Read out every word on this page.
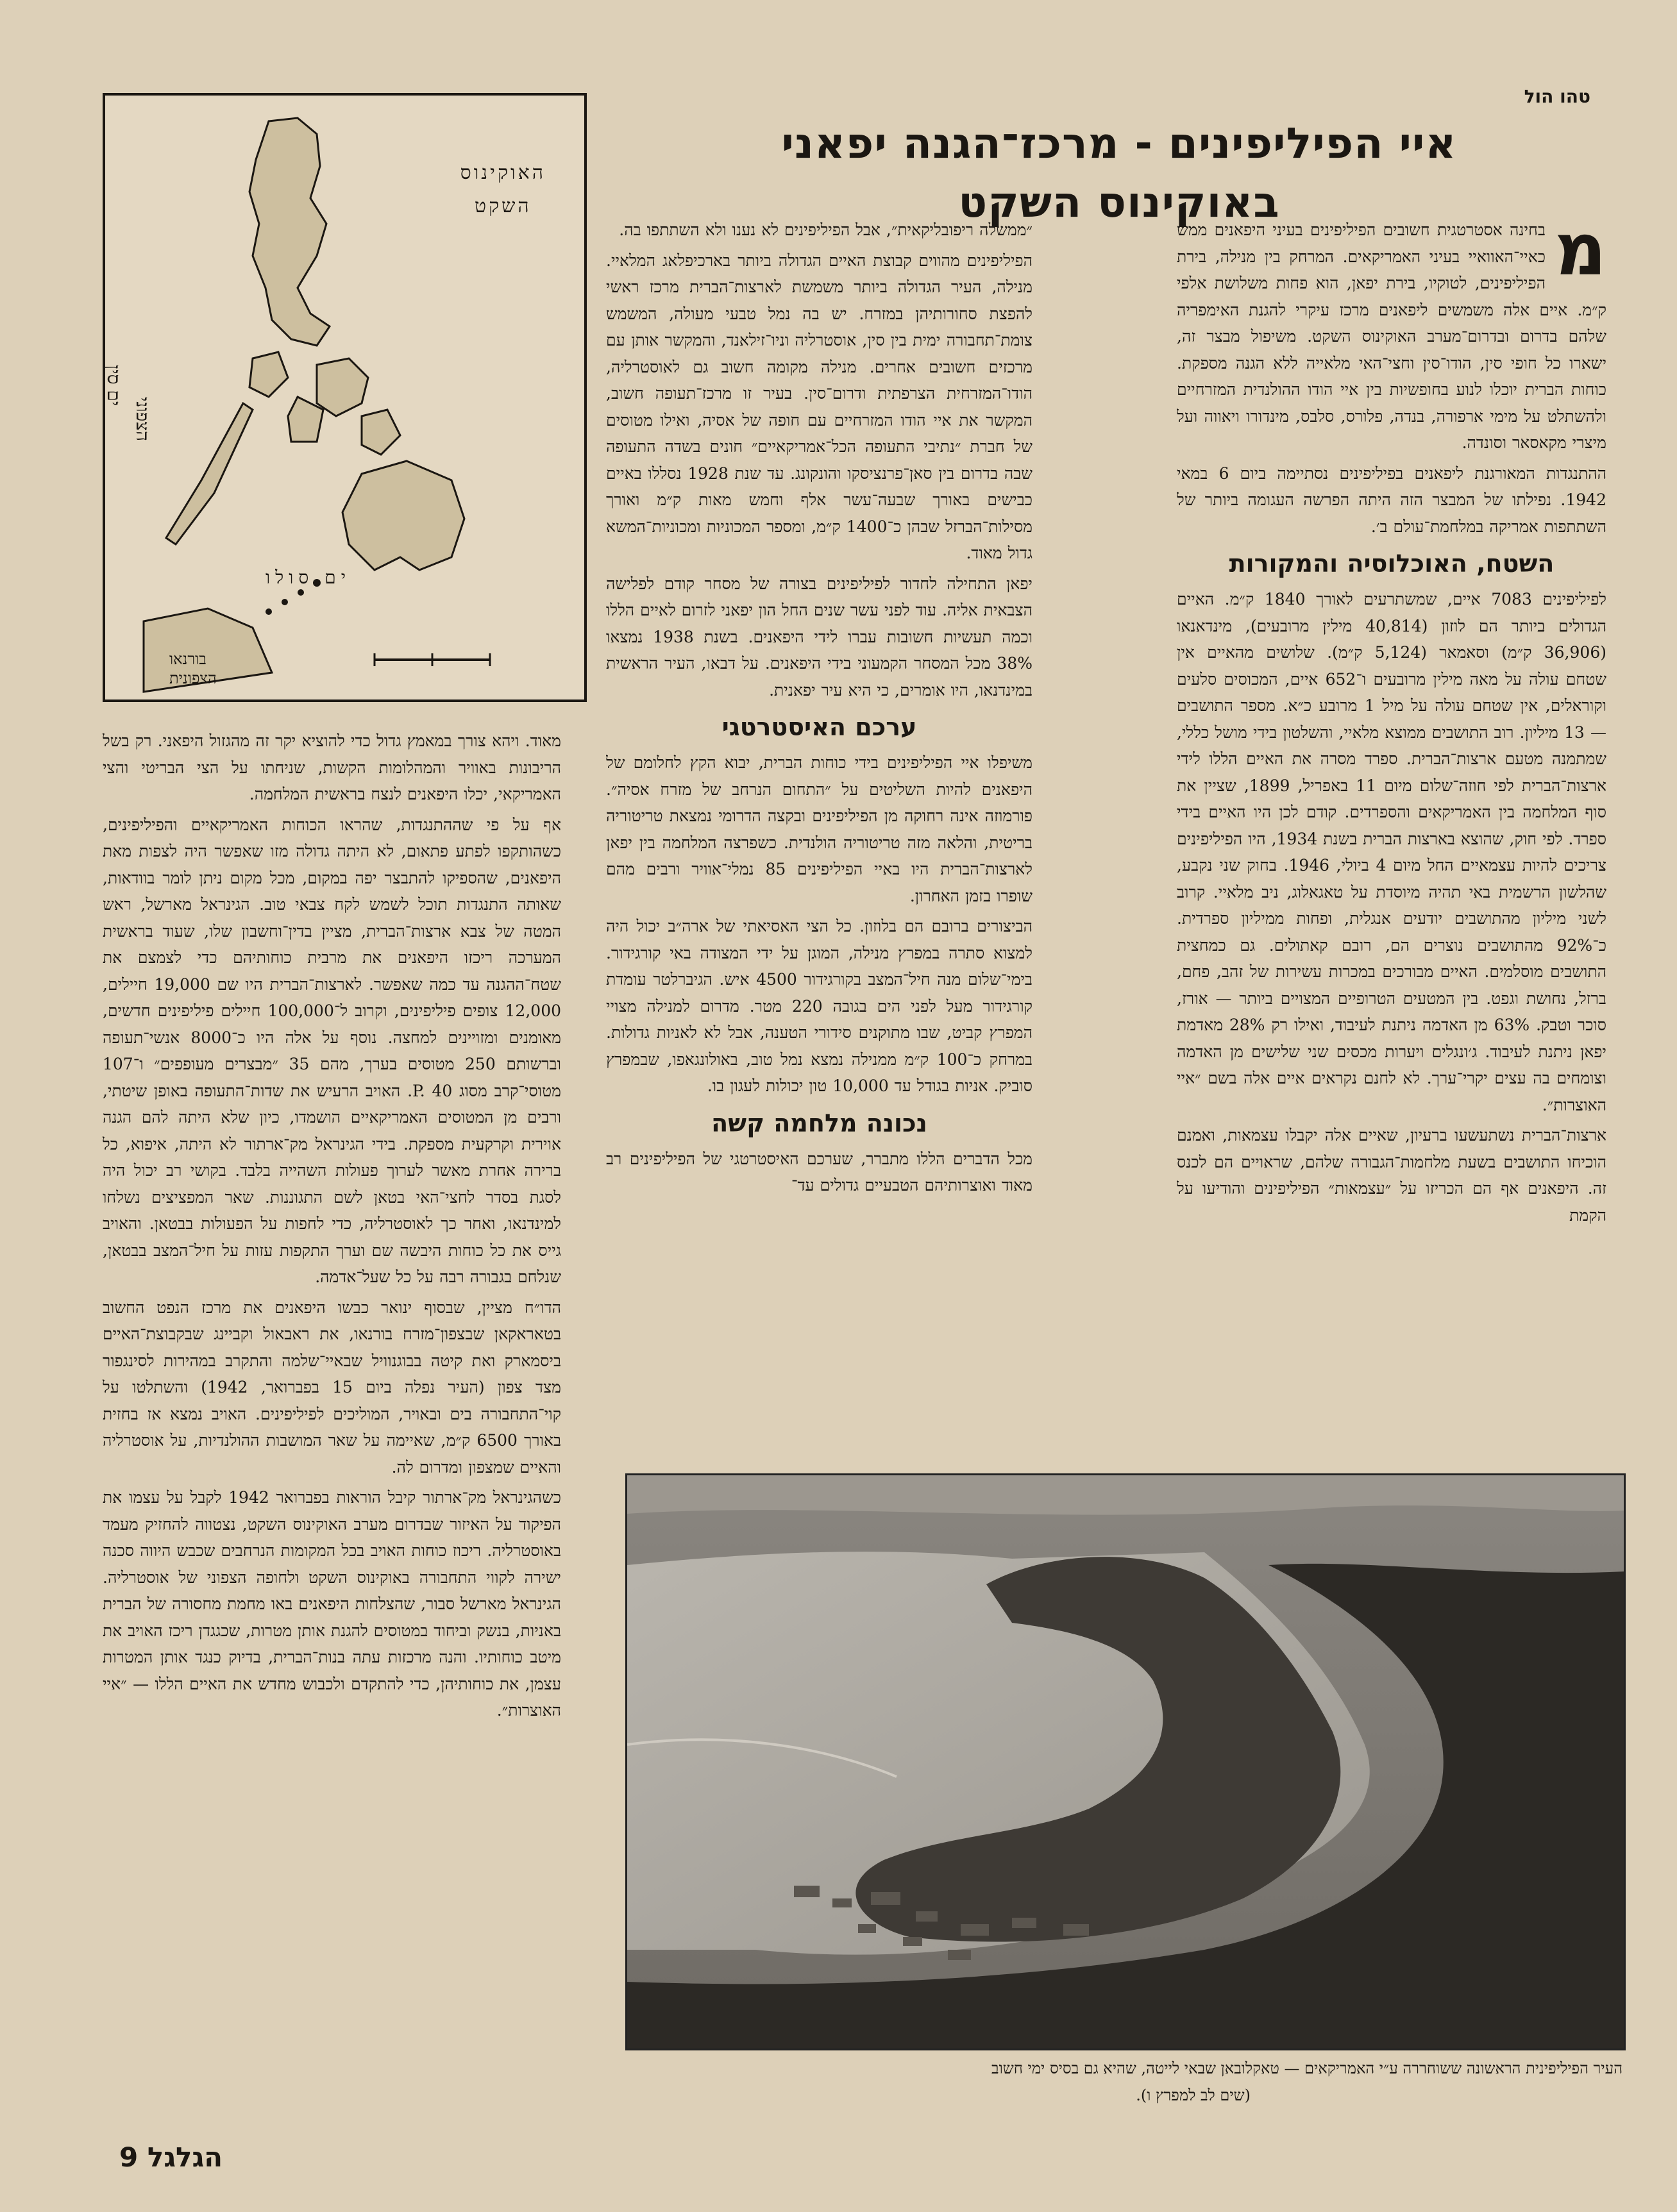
טהו הול
איי הפיליפינים - מרכז־הגנה יפאני
באוקינוס השקט
מ

בחינה אסטרטגית חשובים הפיליפינים בעיני היפאנים ממש כאיי־האוואיי בעיני האמריקאים. המרחק בין מנילה, בירת הפיליפינים, לטוקיו, בירת יפאן, הוא פחות משלושת אלפי ק״מ. איים אלה משמשים ליפאנים מרכז עיקרי להגנת האימפריה שלהם בדרום ובדרום־מערב האוקינוס השקט. משיפול מבצר זה, ישארו כל חופי סין, הודו־סין וחצי־האי מלאייה ללא הגנה מספקת. כוחות הברית יוכלו לנוע בחופשיות בין איי הודו ההולנדית המזרחיים ולהשתלט על מימי ארפורה, בנדה, פלורס, סלבס, מינדורו ויאווה ועל מיצרי מקאסאר וסונדה.

ההתנגדות המאורגנת ליפאנים בפיליפינים נסתיימה ביום 6 במאי 1942. נפילתו של המבצר הזה היתה הפרשה העגומה ביותר של השתתפות אמריקה במלחמת־עולם ב׳.

השטח, האוכלוסיה והמקורות

לפיליפינים 7083 איים, שמשתרעים לאורך 1840 ק״מ. האיים הגדולים ביותר הם לוזון (40,814 מילין מרובעים), מינדאנאו (36,906 ק״מ) וסאמאר (5,124 ק״מ). שלושים מהאיים אין שטחם עולה על מאה מילין מרובעים ו־652 איים, המכוסים סלעים וקוראלים, אין שטחם עולה על מיל 1 מרובע כ״א. מספר התושבים — 13 מיליון. רוב התושבים ממוצא מלאיי, והשלטון בידי מושל כללי, שמתמנה מטעם ארצות־הברית. ספרד מסרה את האיים הללו לידי ארצות־הברית לפי חוזה־שלום מיום 11 באפריל, 1899, שציין את סוף המלחמה בין האמריקאים והספרדים. קודם לכן היו האיים בידי ספרד. לפי חוק, שהוצא בארצות הברית בשנת 1934, היו הפיליפינים צריכים להיות עצמאיים החל מיום 4 ביולי, 1946. בחוק שני נקבע, שהלשון הרשמית באי תהיה מיוסדת על טאגאלוג, ניב מלאיי. קרוב לשני מיליון מהתושבים יודעים אנגלית, ופחות ממיליון ספרדית. כ־92% מהתושבים נוצרים הם, רובם קאתולים. גם כמחצית התושבים מוסלמים. האיים מבורכים במכרות עשירות של זהב, פחם, ברזל, נחושת וגפט. בין המטעים הטרופיים המצויים ביותר — אורז, סוכר וטבק. 63% מן האדמה ניתנת לעיבוד, ואילו רק 28% מאדמת יפאן ניתנת לעיבוד. ג׳ונגלים ויערות מכסים שני שלישים מן האדמה וצומחים בה עצים יקרי־ערך. לא לחנם נקראים איים אלה בשם ״איי האוצרות״.

ארצות־הברית נשתעשעו ברעיון, שאיים אלה יקבלו עצמאות, ואמנם הוכיחו התושבים בשעת מלחמות־הגבורה שלהם, שראויים הם לכנס זה. היפאנים אף הם הכריזו על ״עצמאות״ הפיליפינים והודיעו על הקמת

״ממשלה ריפובליקאית״, אבל הפיליפינים לא נענו ולא השתתפו בה.

הפיליפינים מהווים קבוצת האיים הגדולה ביותר בארכיפלאג המלאיי. מנילה, העיר הגדולה ביותר משמשת לארצות־הברית מרכז ראשי להפצת סחורותיהן במזרח. יש בה נמל טבעי מעולה, המשמש צומת־תחבורה ימית בין סין, אוסטרליה וניו־זילאנד, והמקשר אותן עם מרכזים חשובים אחרים. מנילה מקומה חשוב גם לאוסטרליה, הודו־המזרחית הצרפתית ודרום־סין. בעיר זו מרכז־תעופה חשוב, המקשר את איי הודו המזרחיים עם חופה של אסיה, ואילו מטוסים של חברת ״נתיבי התעופה הכל־אמריקאיים״ חונים בשדה התעופה שבה בדרום בין סאן־פרנציסקו והונקונג. עד שנת 1928 נסללו באיים כבישים באורך שבעה־עשר אלף וחמש מאות ק״מ ואורך מסילות־הברזל שבהן כ־1400 ק״מ, ומספר המכוניות ומכוניות־המשא גדול מאוד.

יפאן התחילה לחדור לפיליפינים בצורה של מסחר קודם לפלישה הצבאית אליה. עוד לפני עשר שנים החל הון יפאני לזרום לאיים הללו וכמה תעשיות חשובות עברו לידי היפאנים. בשנת 1938 נמצאו 38% מכל המסחר הקמעוני בידי היפאנים. על דבאו, העיר הראשית במינדנאו, היו אומרים, כי היא עיר יפאנית.

ערכם האיסטרטגי

משיפלו איי הפיליפינים בידי כוחות הברית, יבוא הקץ לחלומם של היפאנים להיות השליטים על ״התחום הנרחב של מזרח אסיה״. פורמוזה אינה רחוקה מן הפיליפינים ובקצה הדרומי נמצאת טריטוריה בריטית, והלאה מזה טריטוריה הולנדית. כשפרצה המלחמה בין יפאן לארצות־הברית היו באיי הפיליפינים 85 נמלי־אוויר ורבים מהם שופרו בזמן האחרון.

הביצורים ברובם הם בלוזון. כל הצי האסיאתי של ארה״ב יכול היה למצוא סתרה במפרץ מנילה, המוגן על ידי המצודה באי קורגידור. בימי־שלום מנה חיל־המצב בקורגידור 4500 איש. הגיברלטר עומדת קורגידור מעל לפני הים בגובה 220 מטר. מדרום למנילה מצויי המפרץ קביט, שבו מתוקנים סידורי הטענה, אבל לא לאניות גדולות. במרחק כ־100 ק״מ ממנילה נמצא נמל טוב, באולונגאפו, שבמפרץ סוביק. אניות בגודל עד 10,000 טון יכולות לעגון בו.

נכונה מלחמה קשה

מכל הדברים הללו מתברר, שערכם האיסטרטגי של הפיליפינים רב מאוד ואוצרותיהם הטבעיים גדולים עד־

האוקינוס
השקט
ים סין
הצפוני
ים סולו
בורנאו
הצפונית

מאוד. ויהא צורך במאמץ גדול כדי להוציא יקר זה מהגזול היפאני. רק בשל הריבונות באוויר והמהלומות הקשות, שניחתו על הצי הבריטי והצי האמריקאי, יכלו היפאנים לנצח בראשית המלחמה.

אף על פי שההתנגדות, שהראו הכוחות האמריקאיים והפיליפינים, כשהותקפו לפתע פתאום, לא היתה גדולה מזו שאפשר היה לצפות מאת היפאנים, שהספיקו להתבצר יפה במקום, מכל מקום ניתן לומר בוודאות, שאותה התנגדות תוכל לשמש לקח צבאי טוב. הגינראל מארשל, ראש המטה של צבא ארצות־הברית, מציין בדין־וחשבון שלו, שעוד בראשית המערכה ריכזו היפאנים את מרבית כוחותיהם כדי לצמצם את שטח־ההגנה עד כמה שאפשר. לארצות־הברית היו שם 19,000 חיילים, 12,000 צופים פיליפינים, וקרוב ל־100,000 חיילים פיליפינים חדשים, מאומנים ומזויינים למחצה. נוסף על אלה היו כ־8000 אנשי־תעופה וברשותם 250 מטוסים בערך, מהם 35 ״מבצרים מעופפים״ ו־107 מטוסי־קרב מסוג P. 40. האויב הרעיש את שדות־התעופה באופן שיטתי, ורבים מן המטוסים האמריקאיים הושמדו, כיון שלא היתה להם הגנה אוירית וקרקעית מספקת. בידי הגינראל מק־ארתור לא היתה, איפוא, כל ברירה אחרת מאשר לערוך פעולות השהייה בלבד. בקושי רב יכול היה לסגת בסדר לחצי־האי בטאן לשם התגוננות. שאר המפציצים נשלחו למינדנאו, ואחר כך לאוסטרליה, כדי לחפות על הפעולות בבטאן. והאויב גייס את כל כוחות היבשה שם וערך התקפות עזות על חיל־המצב בבטאן, שנלחם בגבורה רבה על כל שעל־אדמה.

הדו״ח מציין, שבסוף ינואר כבשו היפאנים את מרכז הנפט החשוב בטאראקאן שבצפון־מזרח בורנאו, את ראבאול וקביינג שבקבוצת־האיים ביסמארק ואת קיטה בבוגנוויל שבאיי־שלמה והתקרב במהירות לסינגפור מצד צפון (העיר נפלה ביום 15 בפברואר, 1942) והשתלטו על קוי־התחבורה בים ובאויר, המוליכים לפיליפינים. האויב נמצא אז בחזית באורך 6500 ק״מ, שאיימה על שאר המושבות ההולנדיות, על אוסטרליה והאיים שמצפון ומדרום לה.

כשהגינראל מק־ארתור קיבל הוראות בפברואר 1942 לקבל על עצמו את הפיקוד על האיזור שבדרום מערב האוקינוס השקט, נצטווה להחזיק מעמד באוסטרליה. ריכוז כוחות האויב בכל המקומות הנרחבים שכבש היווה סכנה ישירה לקווי התחבורה באוקינוס השקט ולחופה הצפוני של אוסטרליה. הגינראל מארשל סבור, שהצלחות היפאנים באו מחמת מחסורה של הברית באניות, בנשק וביחוד במטוסים להגנת אותן מטרות, שכגגדן ריכז האויב את מיטב כוחותיו. והנה מרכזות עתה בנות־הברית, בדיוק כנגד אותן המטרות עצמן, את כוחותיהן, כדי להתקדם ולכבוש מחדש את האיים הללו — ״איי האוצרות״.

העיר הפיליפינית הראשונה ששוחררה ע״י האמריקאים — טאקלובאן שבאי לייטה, שהיא גם בסיס ימי חשוב
(שים לב למפרץ ו).
הגלגל 9
